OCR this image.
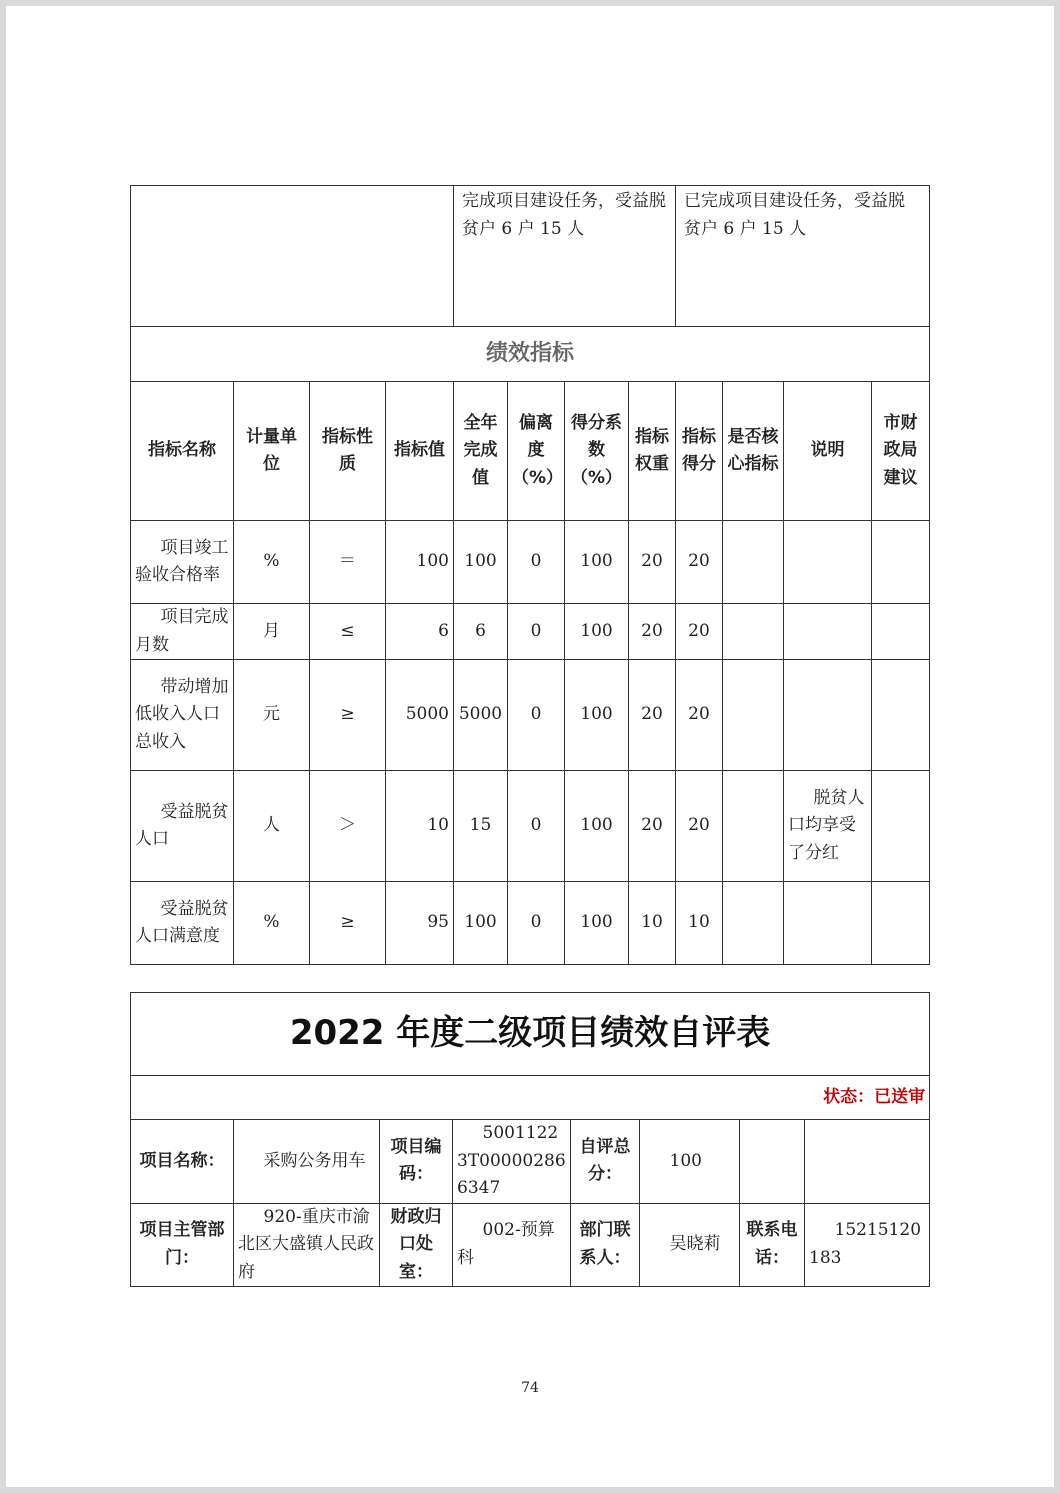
				完成项目建设任务，受益脱贫户 6 户 15 人				已完成项目建设任务，受益脱贫户 6 户 15 人			
绩效指标											
指标名称	计量单位	指标性质	指标值	全年完成值	偏离度（%）	得分系数（%）	指标权重	指标得分	是否核心指标	说明	市财政局建议
项目竣工验收合格率	%	＝	100	100	0	100	20	20			
项目完成月数	月	≤	6	6	0	100	20	20			
带动增加低收入人口总收入	元	≥	5000	5000	0	100	20	20			
受益脱贫人口	人	＞	10	15	0	100	20	20		脱贫人口均享受了分红	
受益脱贫人口满意度	%	≥	95	100	0	100	10	10			
2022 年度二级项目绩效自评表							
状态：已送审							
项目名称：	采购公务用车	项目编码：	50011223T000002866347	自评总分：	100		
项目主管部门：	920-重庆市渝北区大盛镇人民政府	财政归口处室：	002-预算科	部门联系人：	吴晓莉	联系电话：	15215120183
74
